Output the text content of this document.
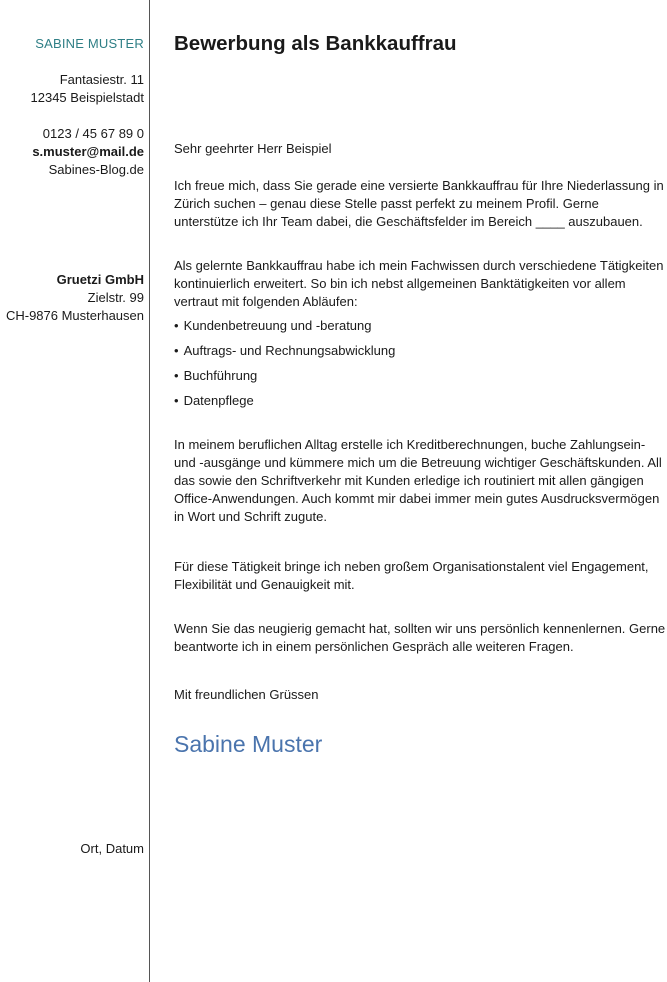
SABINE MUSTER
Fantasiestr. 11
12345 Beispielstadt
0123 / 45 67 89 0
s.muster@mail.de
Sabines-Blog.de
Gruetzi GmbH
Zielstr. 99
CH-9876 Musterhausen
Ort, Datum
Bewerbung als Bankkauffrau
Sehr geehrter Herr Beispiel
Ich freue mich, dass Sie gerade eine versierte Bankkauffrau für Ihre Niederlassung in Zürich suchen – genau diese Stelle passt perfekt zu meinem Profil. Gerne unterstütze ich Ihr Team dabei, die Geschäftsfelder im Bereich ____ auszubauen.
Als gelernte Bankkauffrau habe ich mein Fachwissen durch verschiedene Tätigkeiten kontinuierlich erweitert. So bin ich nebst allgemeinen Banktätigkeiten vor allem vertraut mit folgenden Abläufen:
• Kundenbetreuung und -beratung
• Auftrags- und Rechnungsabwicklung
• Buchführung
• Datenpflege
In meinem beruflichen Alltag erstelle ich Kreditberechnungen, buche Zahlungsein- und -ausgänge und kümmere mich um die Betreuung wichtiger Geschäftskunden. All das sowie den Schriftverkehr mit Kunden erledige ich routiniert mit allen gängigen Office-Anwendungen. Auch kommt mir dabei immer mein gutes Ausdrucksvermögen in Wort und Schrift zugute.
Für diese Tätigkeit bringe ich neben großem Organisationstalent viel Engagement, Flexibilität und Genauigkeit mit.
Wenn Sie das neugierig gemacht hat, sollten wir uns persönlich kennenlernen. Gerne beantworte ich in einem persönlichen Gespräch alle weiteren Fragen.
Mit freundlichen Grüssen
Sabine Muster
